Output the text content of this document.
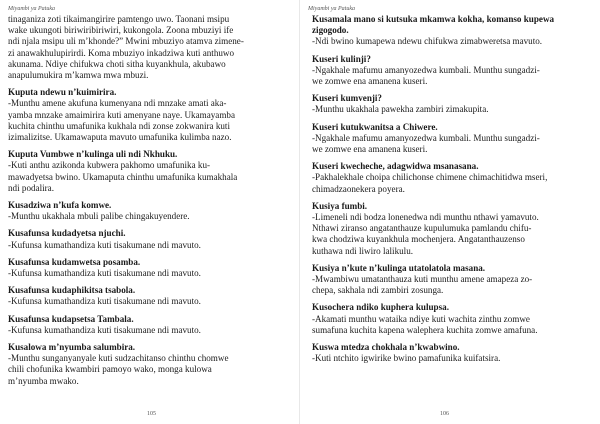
Miyambi ya Patuka

tinaganiza zoti tikaimangirire pamtengo uwo. Taonani msipu
wake ukungoti biriwiribiriwiri, kukongola. Zoona mbuziyi ife
ndi njala msipu uli m’khonde?” Mwini mbuziyo atamva zimene-
zi anawakhulupirirdi. Koma mbuziyo inkadziwa kuti anthuwo
akunama. Ndiye chifukwa choti sitha kuyankhula, akubawo
anapulumukira m’kamwa mwa mbuzi.

Kuputa ndewu n’kuimirira.

-Munthu amene akufuna kumenyana ndi mnzake amati aka-
yamba mnzake amaimirira kuti amenyane naye. Ukamayamba
kuchita chinthu umafunika kukhala ndi zonse zokwanira kuti
izimalizitse. Ukamawaputa mavuto umafunika kulimba nazo.

Kuputa Vumbwe n’kulinga uli ndi Nkhuku.

-Kuti anthu azikonda kubwera pakhomo umafunika ku-
mawadyetsa bwino. Ukamaputa chinthu umafunika kumakhala
ndi podalira.

Kusadziwa n’kufa komwe.

-Munthu ukakhala mbuli palibe chingakuyendere.

Kusafunsa kudadyetsa njuchi.

-Kufunsa kumathandiza kuti tisakumane ndi mavuto.

Kusafunsa kudamwetsa posamba.

-Kufunsa kumathandiza kuti tisakumane ndi mavuto.

Kusafunsa kudaphikitsa tsabola.

-Kufunsa kumathandiza kuti tisakumane ndi mavuto.

Kusafunsa kudapsetsa Tambala.

-Kufunsa kumathandiza kuti tisakumane ndi mavuto.

Kusalowa m’nyumba salumbira.

-Munthu sunganyanyale kuti sudzachitanso chinthu chomwe
chili chofunika kwambiri pamoyo wako, monga kulowa
m’nyumba mwako.

105
Miyambi ya Patuka

Kusamala mano si kutsuka mkamwa kokha, komanso kupewa zigogodo.

-Ndi bwino kumapewa ndewu chifukwa zimabweretsa mavuto.

Kuseri kulinji?

-Ngakhale mafumu amanyozedwa kumbali. Munthu sungadzi-
we zomwe ena amanena kuseri.

Kuseri kumvenji?

-Munthu ukakhala pawekha zambiri zimakupita.

Kuseri kutukwanitsa a Chiwere.

-Ngakhale mafumu amanyozedwa kumbali. Munthu sungadzi-
we zomwe ena amanena kuseri.

Kuseri kwecheche, adagwidwa msanasana.

-Pakhalekhale choipa chilichonse chimene chimachitidwa mseri,
chimadzaonekera poyera.

Kusiya fumbi.

-Limeneli ndi bodza lonenedwa ndi munthu nthawi yamavuto.
Nthawi ziranso angatanthauze kupulumuka pamlandu chifu-
kwa chodziwa kuyankhula mochenjera. Angatanthauzenso
kuthawa ndi liwiro lalikulu.

Kusiya n’kute n’kulinga utatolatola masana.

-Mwambiwu umatanthauza kuti munthu amene amapeza zo-
chepa, sakhala ndi zambiri zosunga.

Kusochera ndiko kuphera kulupsa.

-Akamati munthu wataika ndiye kuti wachita zinthu zomwe
sumafuna kuchita kapena walephera kuchita zomwe amafuna.

Kuswa mtedza chokhala n’kwabwino.

-Kuti ntchito igwirike bwino pamafunika kuifatsira.

106
